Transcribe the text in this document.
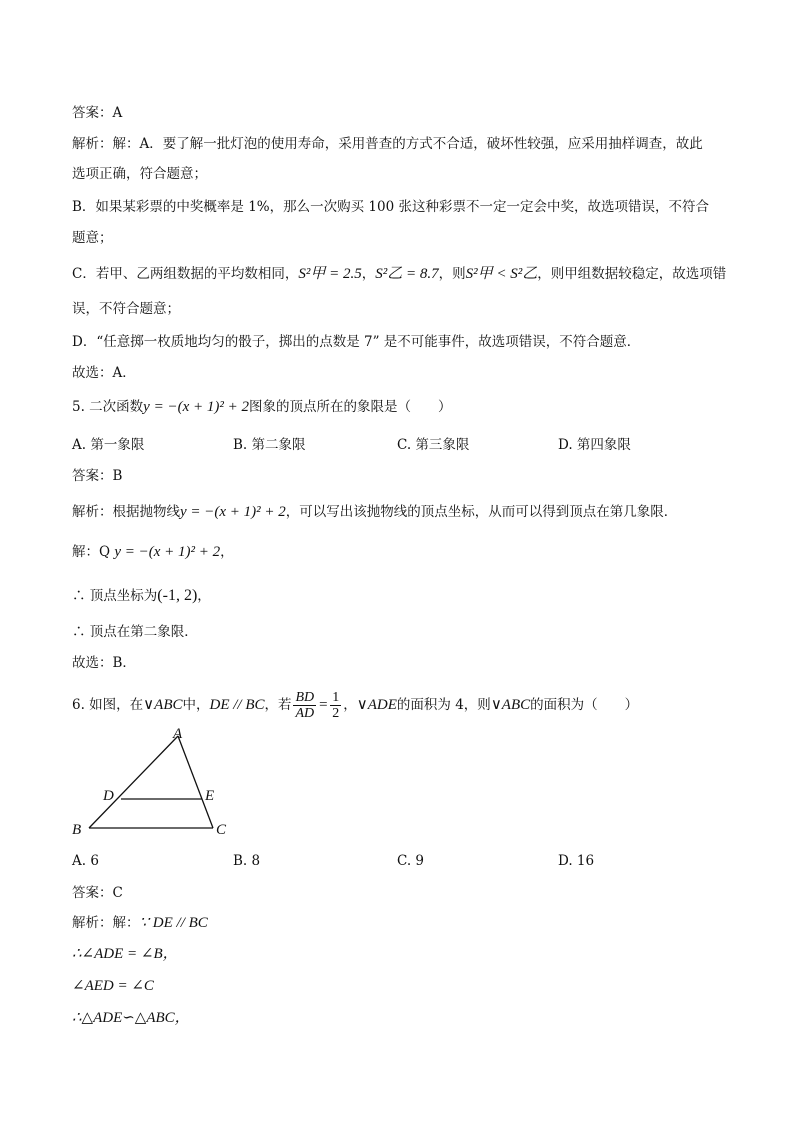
答案：A
解析：解：A．要了解一批灯泡的使用寿命，采用普查的方式不合适，破坏性较强，应采用抽样调查，故此
选项正确，符合题意；
B．如果某彩票的中奖概率是 1%，那么一次购买 100 张这种彩票不一定一定会中奖，故选项错误，不符合
题意；
C．若甲、乙两组数据的平均数相同，S²甲 = 2.5，S²乙 = 8.7，则S²甲 < S²乙，则甲组数据较稳定，故选项错
误，不符合题意；
D．“任意掷一枚质地均匀的骰子，掷出的点数是 7” 是不可能事件，故选项错误，不符合题意．
故选：A．
5. 二次函数y = −(x + 1)² + 2图象的顶点所在的象限是（　　）
A. 第一象限	B. 第二象限	C. 第三象限	D. 第四象限
答案：B
解析：根据抛物线y = −(x + 1)² + 2，可以写出该抛物线的顶点坐标，从而可以得到顶点在第几象限．
解：Q y = −(x + 1)² + 2，
∴ 顶点坐标为(-1, 2)，
∴ 顶点在第二象限．
故选：B．
6. 如图，在∨ABC中，DE // BC，若 $\frac{BD}{AD} = \frac{1}{2}$ ，∨ADE的面积为 4，则∨ABC的面积为（　　）
A
D	E
B	C
A. 6	B. 8	C. 9	D. 16
答案：C
解析：解：∵ DE // BC
∴∠ADE = ∠B，
∠AED = ∠C
∴△ADE∽△ABC，
